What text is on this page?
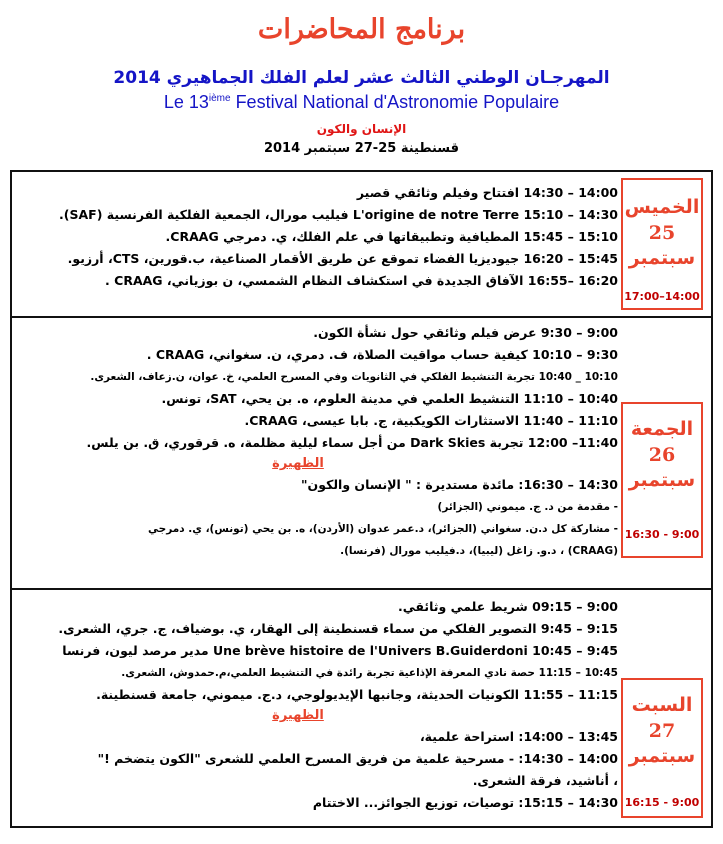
برنامج المحاضرات
المهرجـان الوطني الثالث عشر لعلم الفلك الجماهيري 2014
Le 13ième Festival National d'Astronomie Populaire
الإنسان والكون
قسنطينة 25-27 سبتمبر 2014
الخميس
25
سبتمبر
17:00–14:00
14:00 – 14:30 افتتاح وفيلم وثائقي قصير
14:30 – 15:10 L'origine de notre Terre فيليب مورال، الجمعية الفلكية الفرنسية (SAF).
15:10 – 15:45 المطيافية وتطبيقاتها في علم الفلك، ي. دمرجي CRAAG.
15:45 – 16:20 جيوديزيا الفضاء تموقع عن طريق الأقمار الصناعية، ب.قورين، CTS، أرزيو.
16:20 –16:55 الآفاق الجديدة في استكشاف النظام الشمسي، ن بوزياني، CRAAG .
الجمعة
26
سبتمبر
16:30 - 9:00
9:00 – 9:30 عرض فيلم وثائقي حول نشأة الكون.
9:30 – 10:10 كيفية حساب مواقيت الصلاة، ف. دمري، ن. سغواني، CRAAG .
10:10 _ 10:40 تجربة التنشيط الفلكي في الثانويات وفي المسرح العلمي، خ. عوان، ن.زعاف، الشعرى.
10:40 – 11:10 التنشيط العلمي في مدينة العلوم، ه. بن يحي، SAT، تونس.
11:10 – 11:40 الاستثارات الكويكبية، ج. بابا عيسى، CRAAG.
11:40– 12:00 تجربة Dark Skies من أجل سماء ليلية مظلمة، ه. قرقوري، ق. بن يلس.
الظهيرة
14:30 – 16:30: مائدة مستديرة : " الإنسان والكون"
- مقدمة من د. ج. ميموني (الجزائر)
- مشاركة كل د.ن. سغواني (الجزائر)، د.عمر عدوان (الأردن)، ه. بن يحي (تونس)، ي. دمرجي
(CRAAG) ، د.و. زاغل (ليبيا)، د.فيليب مورال (فرنسا).
السبت
27
سبتمبر
16:15 - 9:00
9:00 – 09:15 شريط علمي وثائقي.
9:15 – 9:45 التصوير الفلكي من سماء قسنطينة إلى الهقار، ي. بوضياف، ج. جري، الشعرى.
9:45 – 10:45 Une brève histoire de l'Univers B.Guiderdoni مدير مرصد ليون، فرنسا
10:45 – 11:15 حصة نادي المعرفة الإذاعية تجربة رائدة في التنشيط العلمي،م.حمدوش، الشعرى.
11:15 – 11:55 الكونيات الحديثة، وجانبها الإيديولوجي، د.ج. ميموني، جامعة قسنطينة.
الظهيرة
13:45 – 14:00: استراحة علمية،
14:00 – 14:30: - مسرحية علمية من فريق المسرح العلمي للشعرى "الكون يتضخم !"
، أناشيد، فرقة الشعرى.
14:30 – 15:15: توصيات، توزيع الجوائز... الاختتام
